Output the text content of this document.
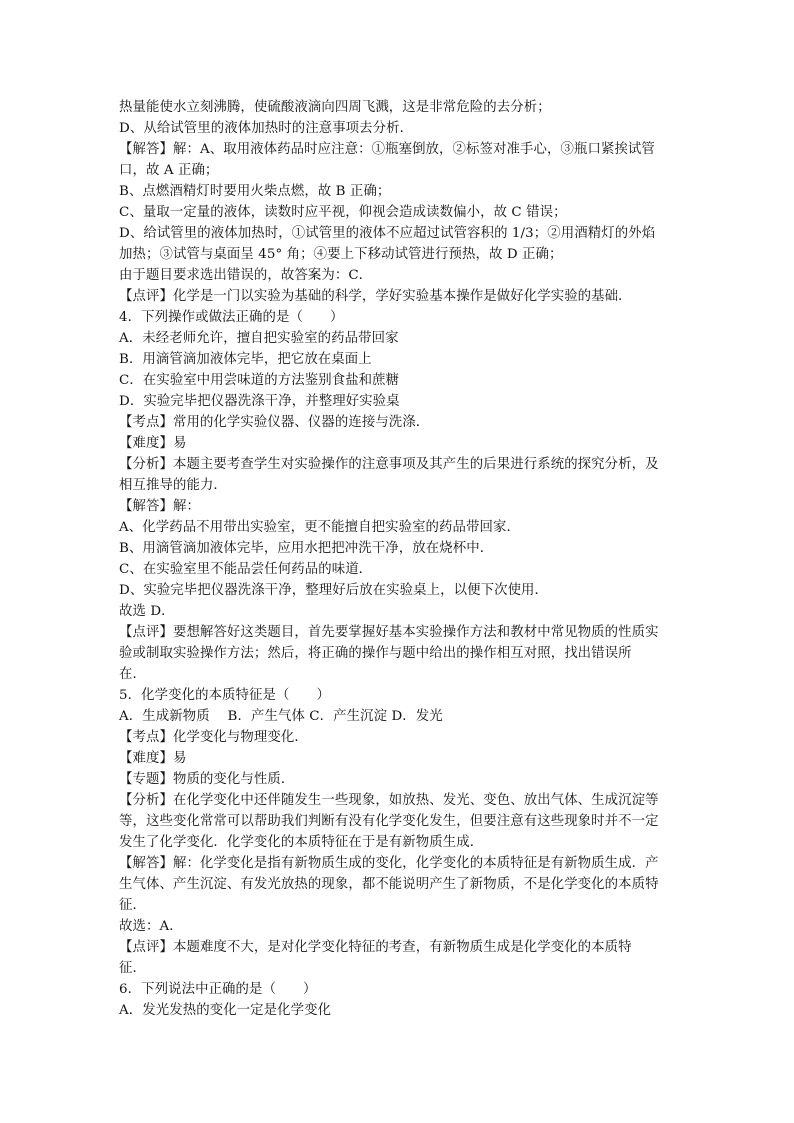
热量能使水立刻沸腾，使硫酸液滴向四周飞溅，这是非常危险的去分析；
D、从给试管里的液体加热时的注意事项去分析．
【解答】解：A、取用液体药品时应注意：①瓶塞倒放，②标签对准手心，③瓶口紧挨试管
口，故 A 正确；
B、点燃酒精灯时要用火柴点燃，故 B 正确；
C、量取一定量的液体，读数时应平视，仰视会造成读数偏小，故 C 错误；
D、给试管里的液体加热时，①试管里的液体不应超过试管容积的 1/3；②用酒精灯的外焰
加热；③试管与桌面呈 45° 角；④要上下移动试管进行预热，故 D 正确；
由于题目要求选出错误的，故答案为：C．
【点评】化学是一门以实验为基础的科学，学好实验基本操作是做好化学实验的基础．
4．下列操作或做法正确的是（　　）
A．未经老师允许，擅自把实验室的药品带回家
B．用滴管滴加液体完毕，把它放在桌面上
C．在实验室中用尝味道的方法鉴别食盐和蔗糖
D．实验完毕把仪器洗涤干净，并整理好实验桌
【考点】常用的化学实验仪器、仪器的连接与洗涤．
【难度】易
【分析】本题主要考查学生对实验操作的注意事项及其产生的后果进行系统的探究分析，及
相互推导的能力．
【解答】解：
A、化学药品不用带出实验室，更不能擅自把实验室的药品带回家．
B、用滴管滴加液体完毕，应用水把把冲洗干净，放在烧杯中．
C、在实验室里不能品尝任何药品的味道．
D、实验完毕把仪器洗涤干净，整理好后放在实验桌上，以便下次使用．
故选 D．
【点评】要想解答好这类题目，首先要掌握好基本实验操作方法和教材中常见物质的性质实
验或制取实验操作方法；然后，将正确的操作与题中给出的操作相互对照，找出错误所
在．
5．化学变化的本质特征是（　　）
A．生成新物质　 B．产生气体 C．产生沉淀 D．发光
【考点】化学变化与物理变化．
【难度】易
【专题】物质的变化与性质．
【分析】在化学变化中还伴随发生一些现象，如放热、发光、变色、放出气体、生成沉淀等
等，这些变化常常可以帮助我们判断有没有化学变化发生，但要注意有这些现象时并不一定
发生了化学变化．化学变化的本质特征在于是有新物质生成．
【解答】解：化学变化是指有新物质生成的变化，化学变化的本质特征是有新物质生成．产
生气体、产生沉淀、有发光放热的现象，都不能说明产生了新物质，不是化学变化的本质特
征．
故选：A．
【点评】本题难度不大，是对化学变化特征的考查，有新物质生成是化学变化的本质特
征．
6．下列说法中正确的是（　　）
A．发光发热的变化一定是化学变化
